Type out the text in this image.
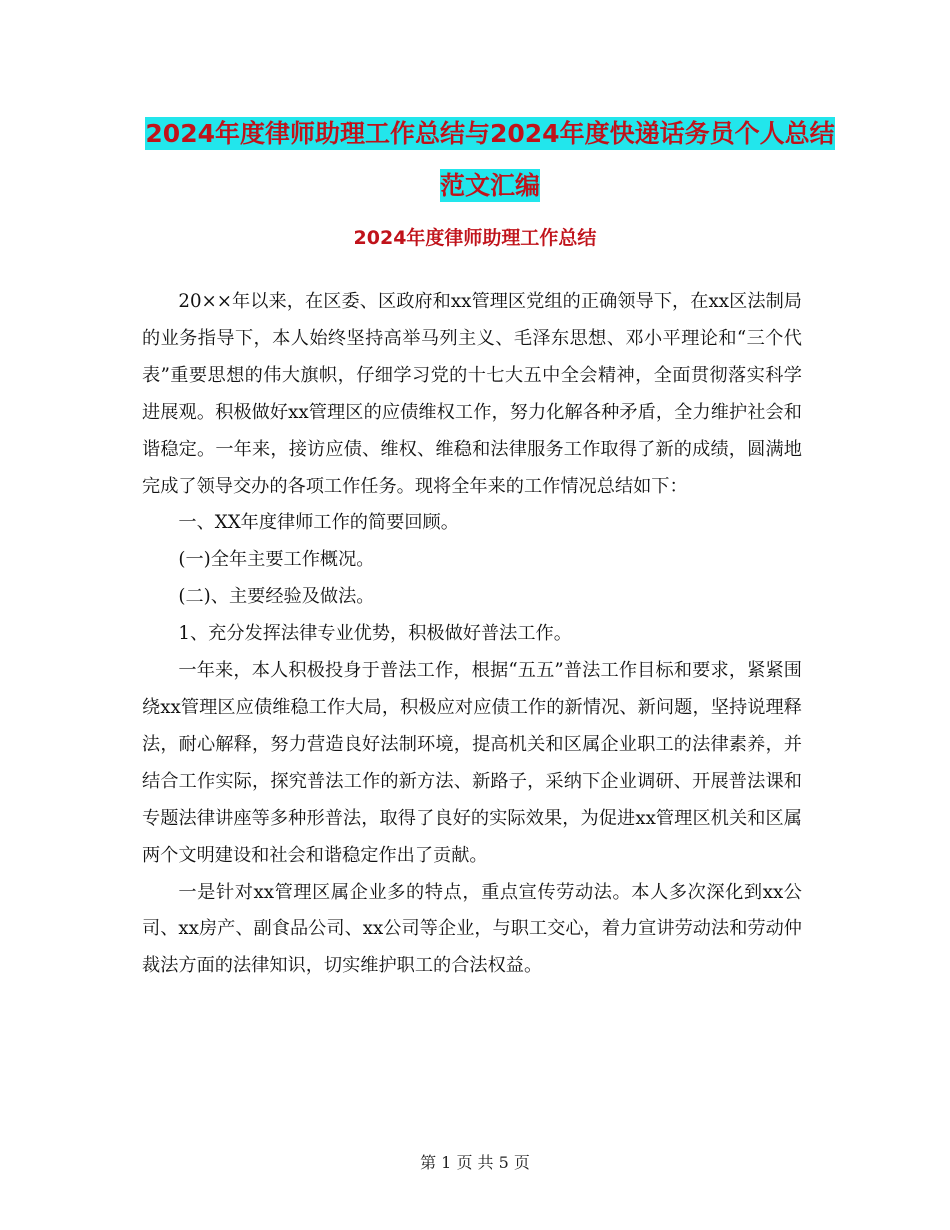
2024年度律师助理工作总结与2024年度快递话务员个人总结范文汇编
2024年度律师助理工作总结

20××年以来，在区委、区政府和xx管理区党组的正确领导下，在xx区法制局的业务指导下，本人始终坚持高举马列主义、毛泽东思想、邓小平理论和“三个代表”重要思想的伟大旗帜，仔细学习党的十七大五中全会精神，全面贯彻落实科学进展观。积极做好xx管理区的应债维权工作，努力化解各种矛盾，全力维护社会和谐稳定。一年来，接访应债、维权、维稳和法律服务工作取得了新的成绩，圆满地完成了领导交办的各项工作任务。现将全年来的工作情况总结如下：

一、XX年度律师工作的简要回顾。

(一)全年主要工作概况。

(二)、主要经验及做法。

1、充分发挥法律专业优势，积极做好普法工作。

一年来，本人积极投身于普法工作，根据“五五”普法工作目标和要求，紧紧围绕xx管理区应债维稳工作大局，积极应对应债工作的新情况、新问题，坚持说理释法，耐心解释，努力营造良好法制环境，提高机关和区属企业职工的法律素养，并结合工作实际，探究普法工作的新方法、新路子，采纳下企业调研、开展普法课和专题法律讲座等多种形普法，取得了良好的实际效果，为促进xx管理区机关和区属两个文明建设和社会和谐稳定作出了贡献。

一是针对xx管理区属企业多的特点，重点宣传劳动法。本人多次深化到xx公司、xx房产、副食品公司、xx公司等企业，与职工交心，着力宣讲劳动法和劳动仲裁法方面的法律知识，切实维护职工的合法权益。

第 1 页 共 5 页
